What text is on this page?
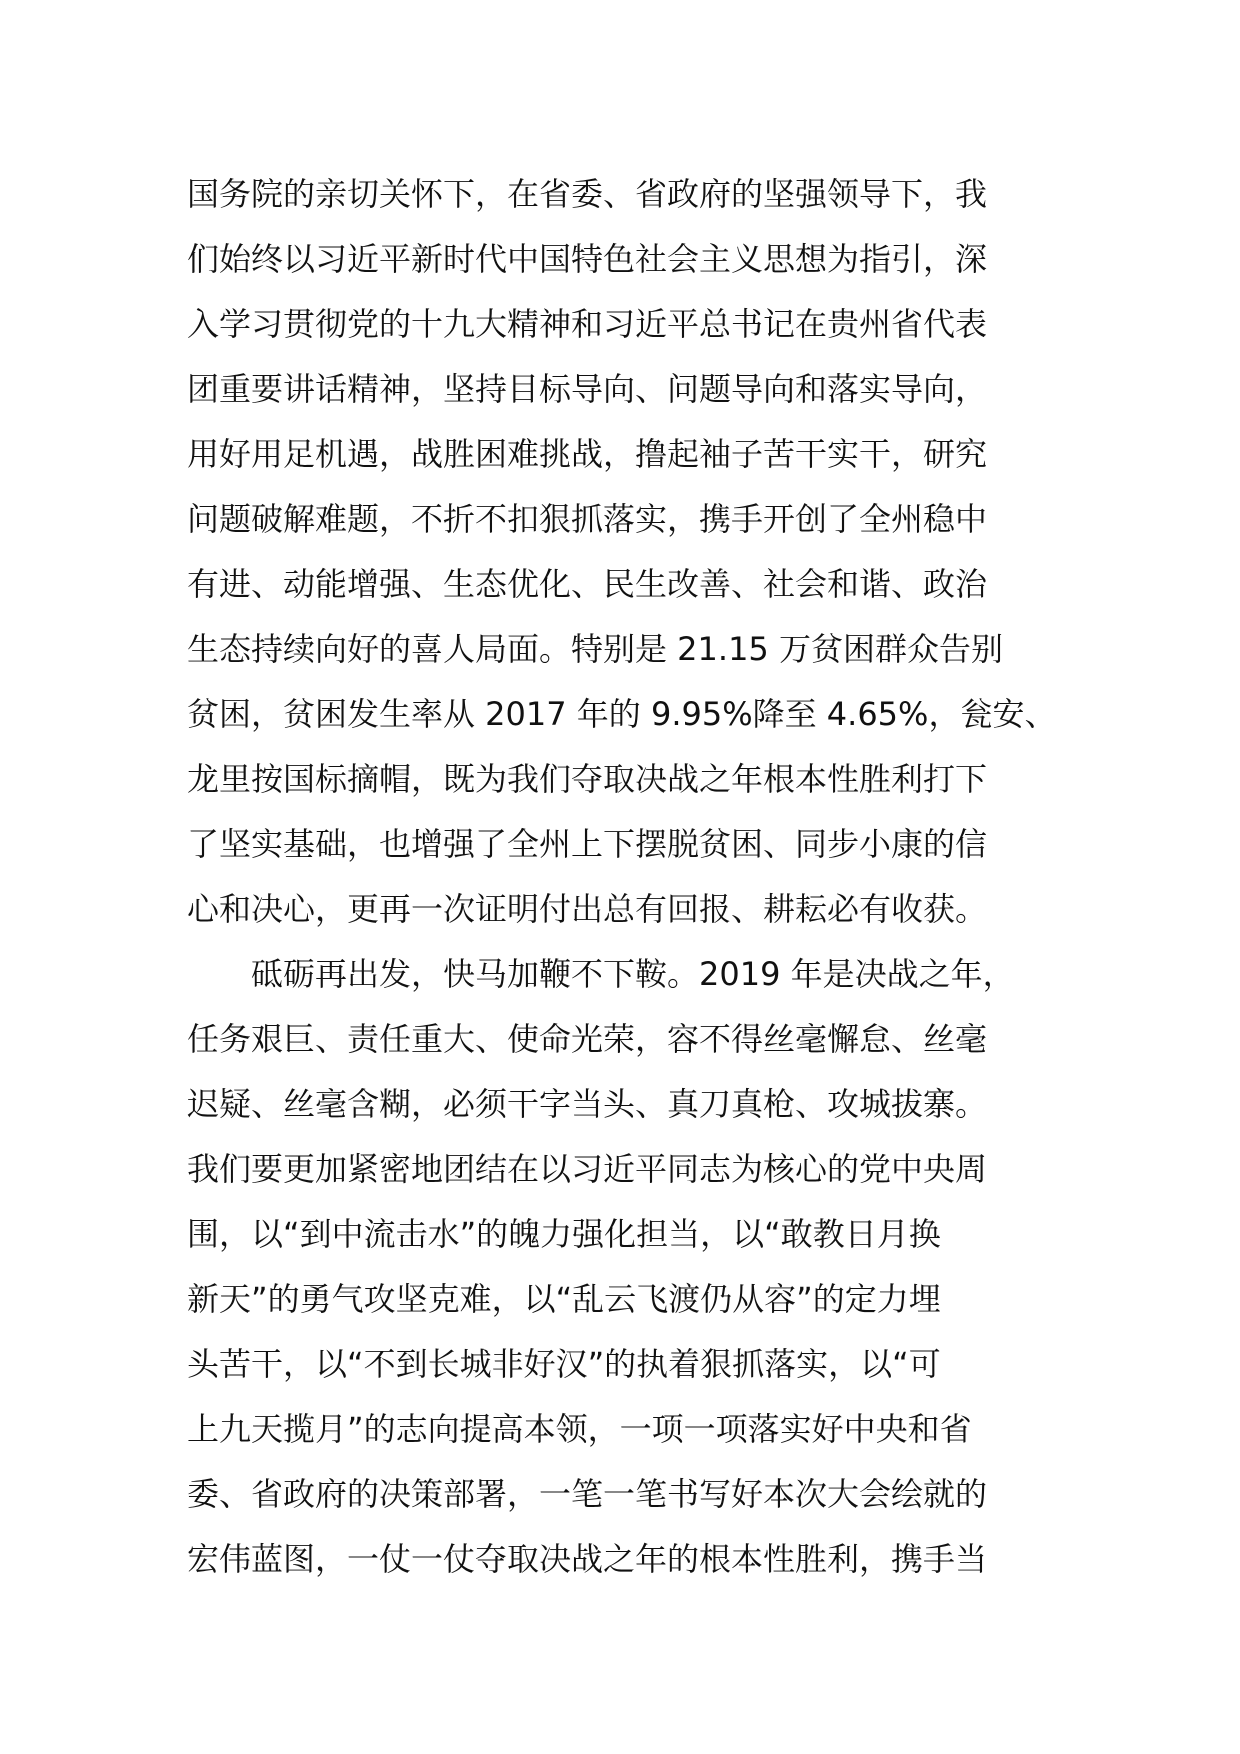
国务院的亲切关怀下，在省委、省政府的坚强领导下，我
们始终以习近平新时代中国特色社会主义思想为指引，深
入学习贯彻党的十九大精神和习近平总书记在贵州省代表
团重要讲话精神，坚持目标导向、问题导向和落实导向，
用好用足机遇，战胜困难挑战，撸起袖子苦干实干，研究
问题破解难题，不折不扣狠抓落实，携手开创了全州稳中
有进、动能增强、生态优化、民生改善、社会和谐、政治
生态持续向好的喜人局面。特别是 21.15 万贫困群众告别
贫困，贫困发生率从 2017 年的 9.95%降至 4.65%，瓮安、
龙里按国标摘帽，既为我们夺取决战之年根本性胜利打下
了坚实基础，也增强了全州上下摆脱贫困、同步小康的信
心和决心，更再一次证明付出总有回报、耕耘必有收获。
　　砥砺再出发，快马加鞭不下鞍。2019 年是决战之年，
任务艰巨、责任重大、使命光荣，容不得丝毫懈怠、丝毫
迟疑、丝毫含糊，必须干字当头、真刀真枪、攻城拔寨。
我们要更加紧密地团结在以习近平同志为核心的党中央周
围，以“到中流击水”的魄力强化担当，以“敢教日月换
新天”的勇气攻坚克难，以“乱云飞渡仍从容”的定力埋
头苦干，以“不到长城非好汉”的执着狠抓落实，以“可
上九天揽月”的志向提高本领，一项一项落实好中央和省
委、省政府的决策部署，一笔一笔书写好本次大会绘就的
宏伟蓝图，一仗一仗夺取决战之年的根本性胜利，携手当
